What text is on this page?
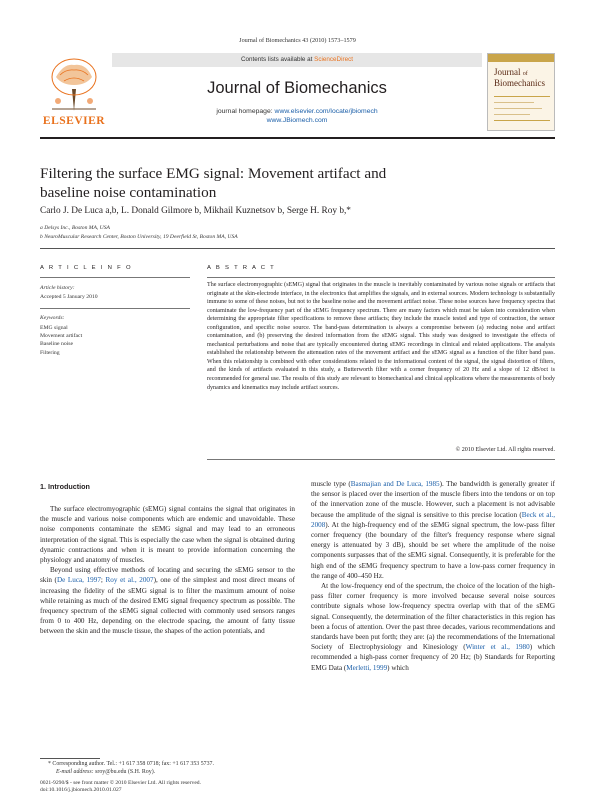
Journal of Biomechanics 43 (2010) 1573–1579
ELSEVIER
Contents lists available at ScienceDirect
Journal of Biomechanics
journal homepage: www.elsevier.com/locate/jbiomech
www.JBiomech.com
Journal of
Biomechanics
Filtering the surface EMG signal: Movement artifact and
baseline noise contamination
Carlo J. De Luca a,b, L. Donald Gilmore b, Mikhail Kuznetsov b, Serge H. Roy b,*
a Delsys Inc., Boston MA, USA
b NeuroMuscular Research Center, Boston University, 19 Deerfield St, Boston MA, USA
A R T I C L E I N F O	A B S T R A C T
Article history:
Accepted 5 January 2010
Keywords:
EMG signal
Movement artifact
Baseline noise
Filtering
The surface electromyographic (sEMG) signal that originates in the muscle is inevitably contaminated by various noise signals or artifacts that originate at the skin-electrode interface, in the electronics that amplifies the signals, and in external sources. Modern technology is substantially immune to some of these noises, but not to the baseline noise and the movement artifact noise. These noise sources have frequency spectra that contaminate the low-frequency part of the sEMG frequency spectrum. There are many factors which must be taken into consideration when determining the appropriate filter specifications to remove these artifacts; they include the muscle tested and type of contraction, the sensor configuration, and specific noise source. The band-pass determination is always a compromise between (a) reducing noise and artifact contamination, and (b) preserving the desired information from the sEMG signal. This study was designed to investigate the effects of mechanical perturbations and noise that are typically encountered during sEMG recordings in clinical and related applications. The analysis established the relationship between the attenuation rates of the movement artifact and the sEMG signal as a function of the filter band pass. When this relationship is combined with other considerations related to the informational content of the signal, the signal distortion of filters, and the kinds of artifacts evaluated in this study, a Butterworth filter with a corner frequency of 20 Hz and a slope of 12 dB/oct is recommended for general use. The results of this study are relevant to biomechanical and clinical applications where the measurements of body dynamics and kinematics may include artifact sources.
© 2010 Elsevier Ltd. All rights reserved.
1. Introduction

The surface electromyographic (sEMG) signal contains the signal that originates in the muscle and various noise components which are endemic and unavoidable. These noise components contaminate the sEMG signal and may lead to an erroneous interpretation of the signal. This is especially the case when the signal is obtained during dynamic contractions and when it is meant to provide information concerning the physiology and anatomy of muscles.

Beyond using effective methods of locating and securing the sEMG sensor to the skin (De Luca, 1997; Roy et al., 2007), one of the simplest and most direct means of increasing the fidelity of the sEMG signal is to filter the maximum amount of noise while retaining as much of the desired EMG signal frequency spectrum as possible. The frequency spectrum of the sEMG signal collected with commonly used sensors ranges from 0 to 400 Hz, depending on the electrode spacing, the amount of fatty tissue between the skin and the muscle tissue, the shapes of the action potentials, and

muscle type (Basmajian and De Luca, 1985). The bandwidth is generally greater if the sensor is placed over the insertion of the muscle fibers into the tendons or on top of the innervation zone of the muscle. However, such a placement is not advisable because the amplitude of the signal is sensitive to this precise location (Beck et al., 2008). At the high-frequency end of the sEMG signal spectrum, the low-pass filter corner frequency (the boundary of the filter's frequency response where signal energy is attenuated by 3 dB), should be set where the amplitude of the noise components surpasses that of the sEMG signal. Consequently, it is preferable for the high end of the sEMG frequency spectrum to have a low-pass corner frequency in the range of 400–450 Hz.

At the low-frequency end of the spectrum, the choice of the location of the high-pass filter corner frequency is more involved because several noise sources contribute signals whose low-frequency spectra overlap with that of the sEMG signal. Consequently, the determination of the filter characteristics in this region has been a focus of attention. Over the past three decades, various recommendations and standards have been put forth; they are: (a) the recommendations of the International Society of Electrophysiology and Kinesiology (Winter et al., 1980) which recommended a high-pass corner frequency of 20 Hz; (b) Standards for Reporting EMG Data (Merletti, 1999) which

* Corresponding author. Tel.: +1 617 358 0718; fax: +1 617 353 5737.
E-mail address: sroy@bu.edu (S.H. Roy).
0021-9290/$ - see front matter © 2010 Elsevier Ltd. All rights reserved.
doi:10.1016/j.jbiomech.2010.01.027
